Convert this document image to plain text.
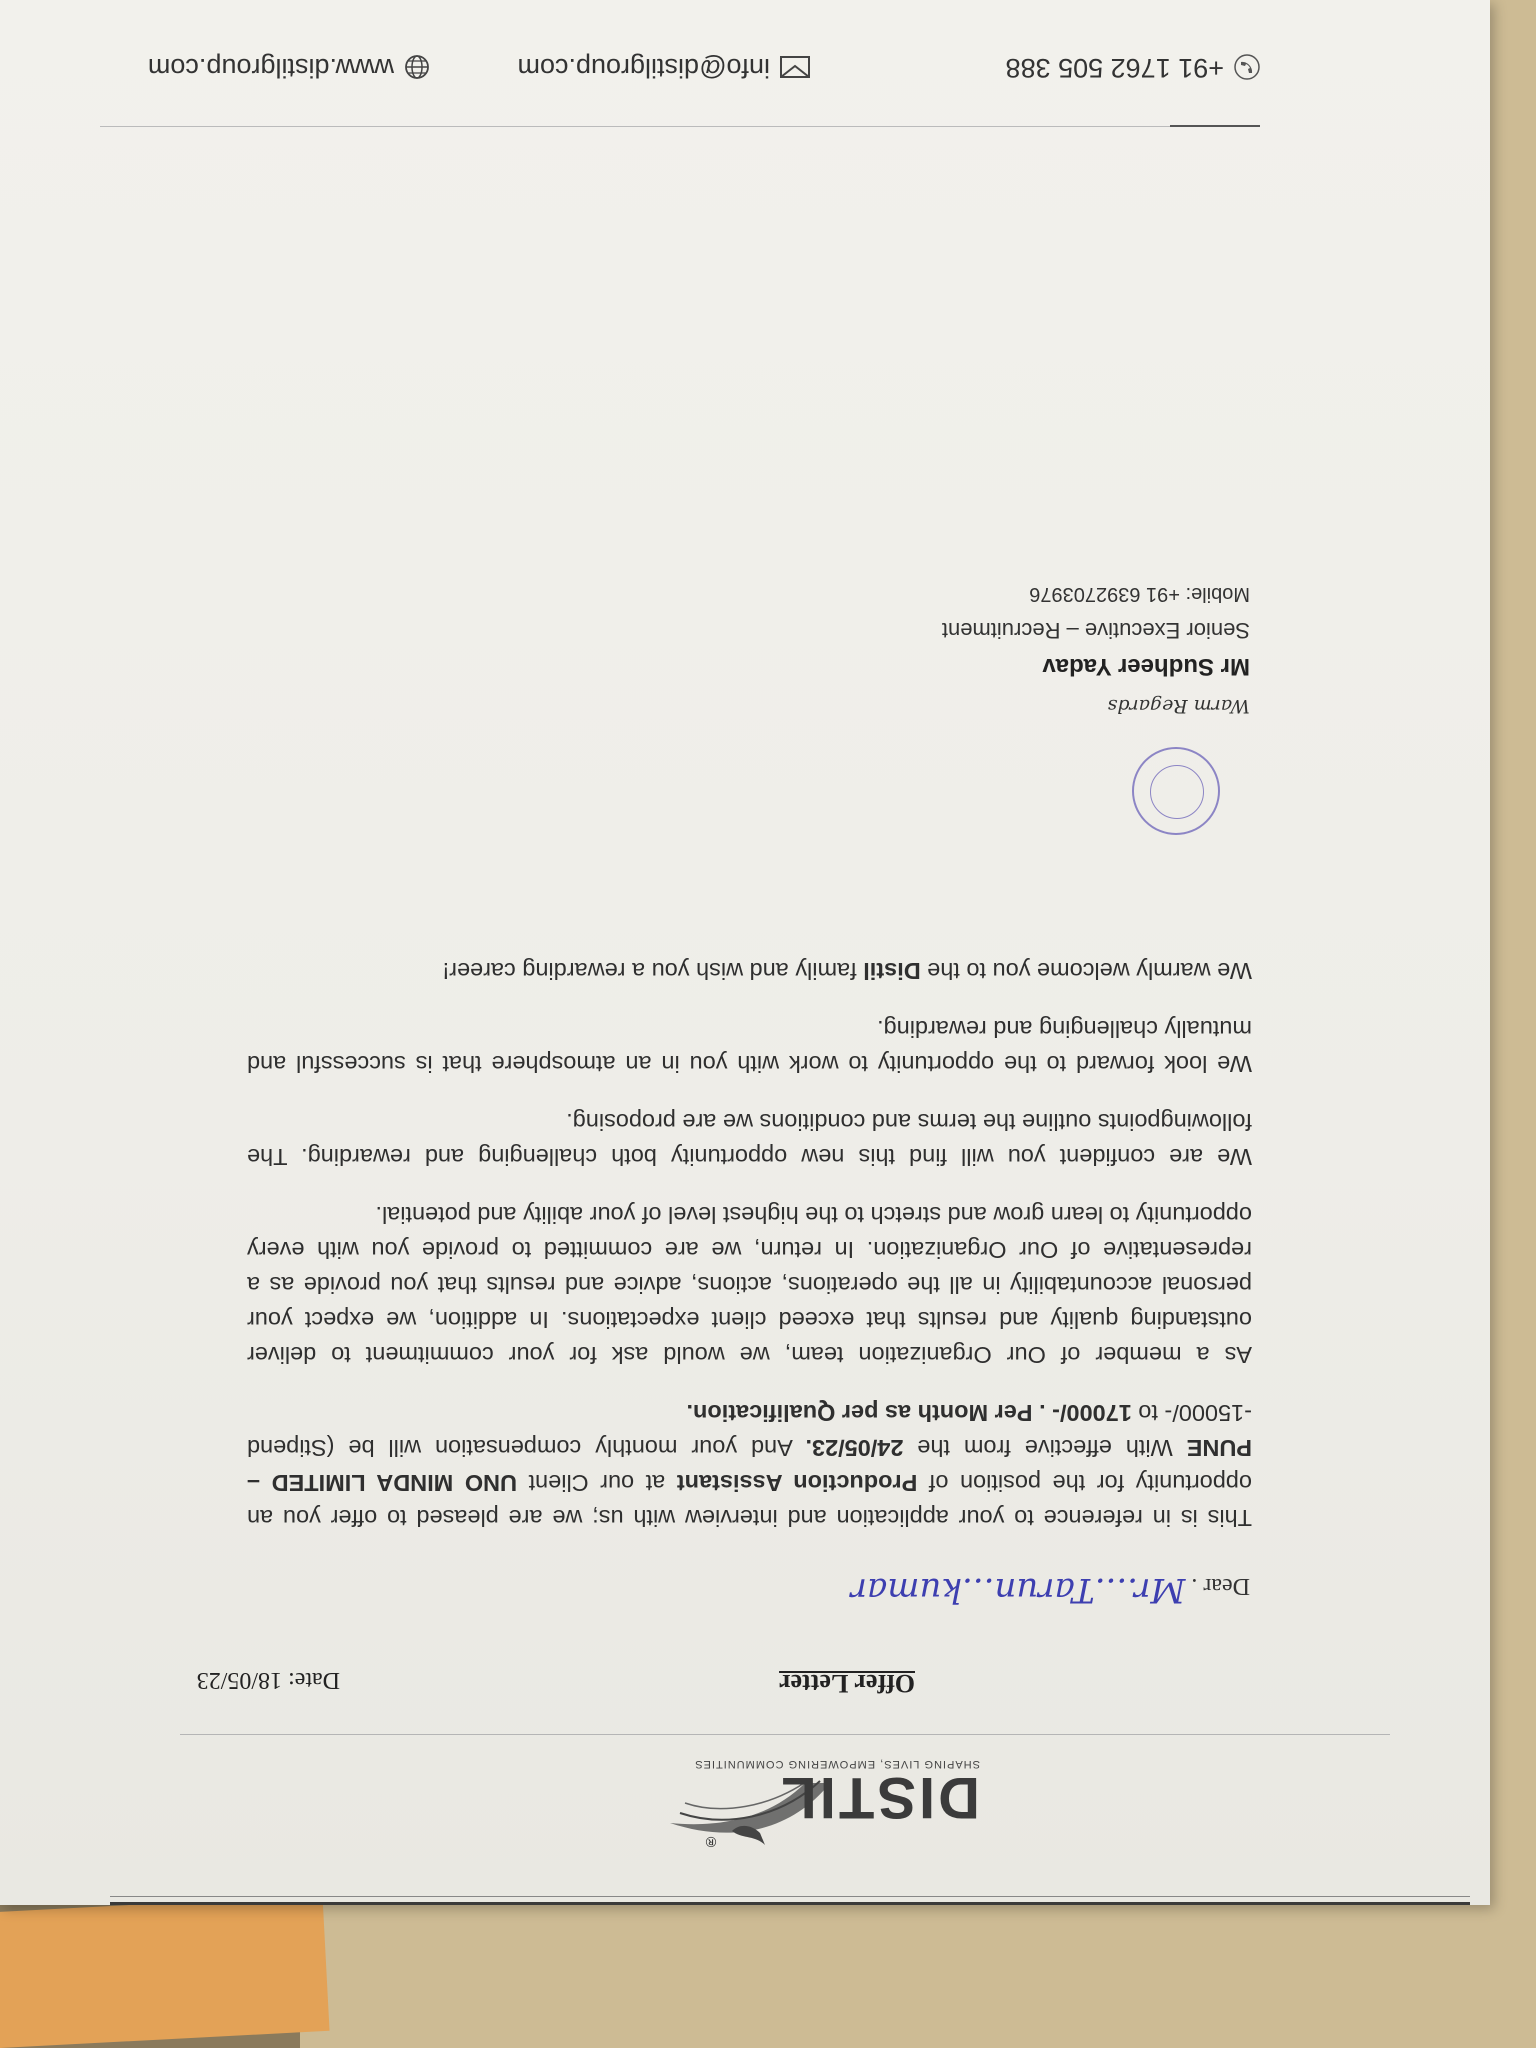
DISTIL
®
SHAPING LIVES, EMPOWERING COMMUNITIES
Offer Letter
Date: 18/05/23
Dear .Mr....Tarun...kumar

This is in reference to your application and interview with us; we are pleased to offer you an opportunity for the position of Production Assistant at our Client UNO MINDA LIMITED – PUNE With effective from the 24/05/23. And your monthly compensation will be (Stipend -15000/- to 17000/- . Per Month as per Qualification.

As a member of Our Organization team, we would ask for your commitment to deliver outstanding quality and results that exceed client expectations. In addition, we expect your personal accountability in all the operations, actions, advice and results that you provide as a representative of Our Organization. In return, we are committed to provide you with every opportunity to learn grow and stretch to the highest level of your ability and potential.

We are confident you will find this new opportunity both challenging and rewarding. The followingpoints outline the terms and conditions we are proposing.

We look forward to the opportunity to work with you in an atmosphere that is successful and mutually challenging and rewarding.

We warmly welcome you to the Distil family and wish you a rewarding career!

Warm Regards
Mr Sudheer Yadav
Senior Executive – Recruitment
Mobile: +91 6392703976
+91 1762 505 388
info@distilgroup.com
www.distilgroup.com
